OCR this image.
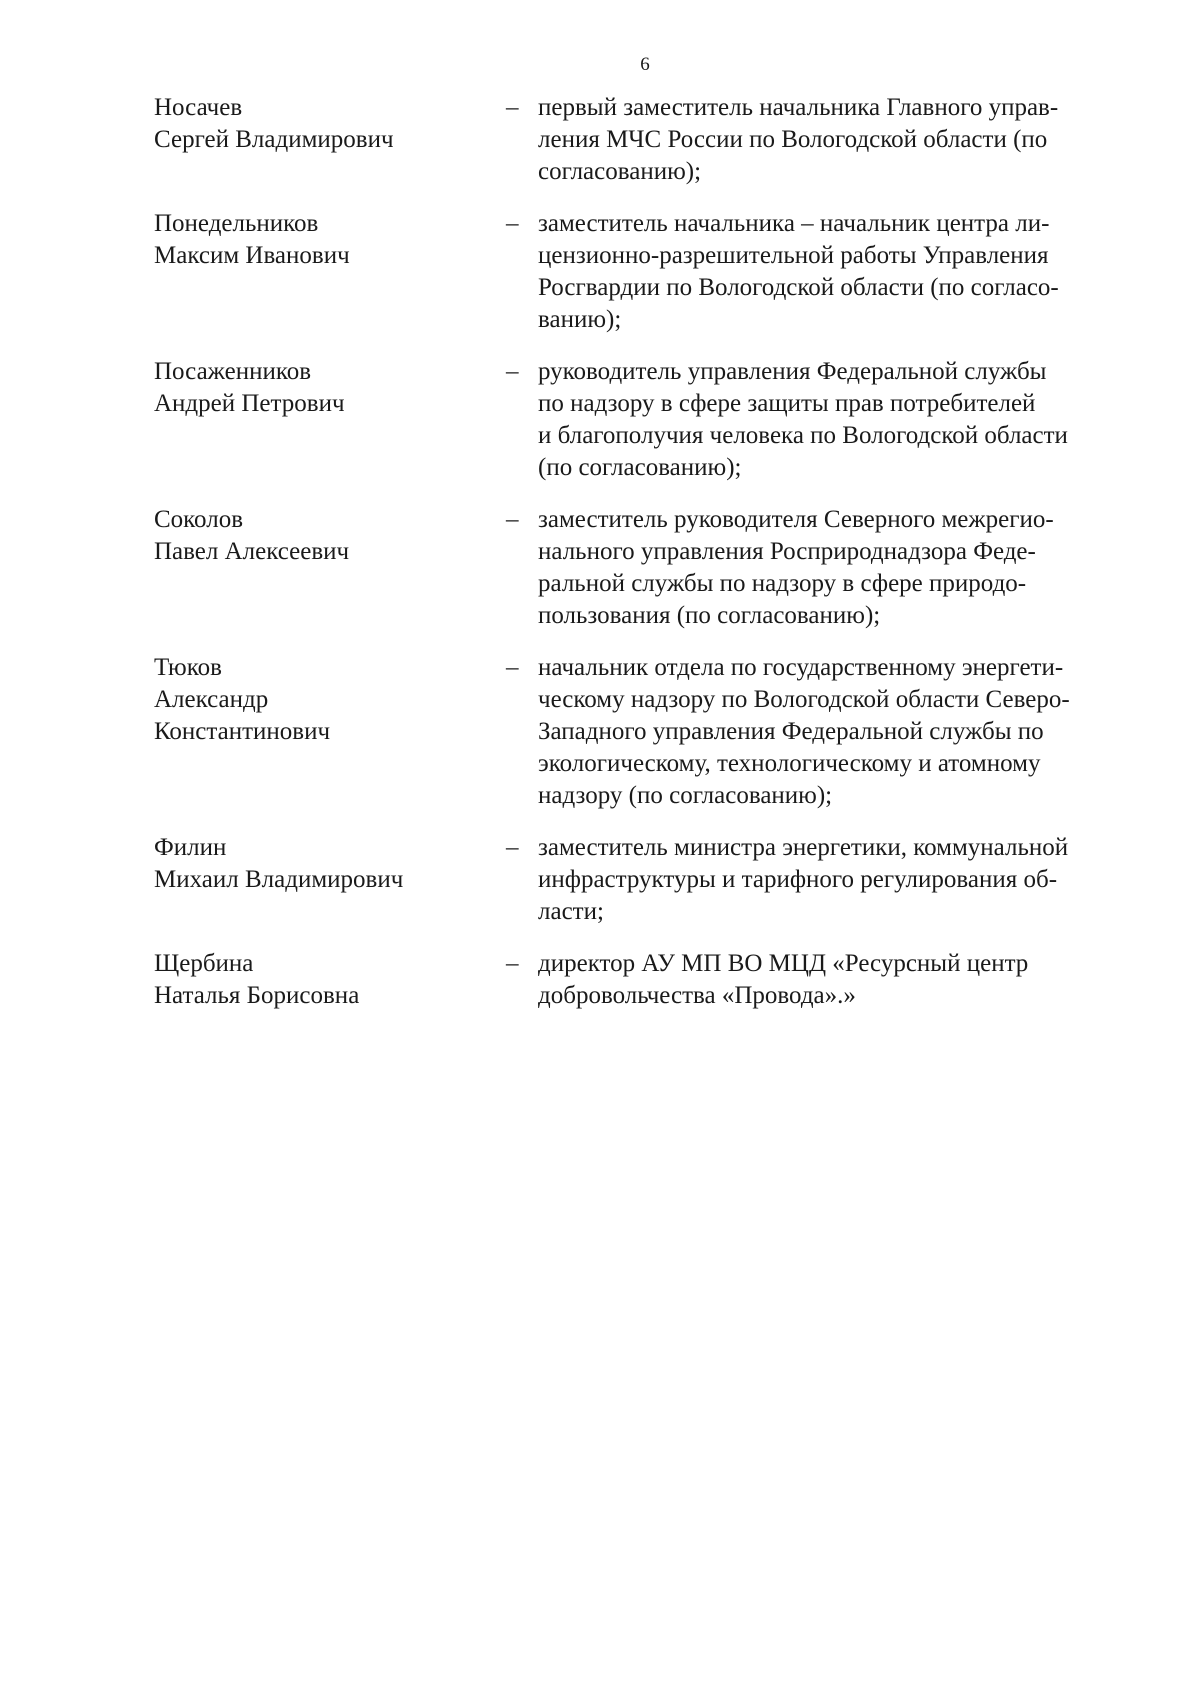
6
Носачев
Сергей Владимирович
– первый заместитель начальника Главного управ-
ления МЧС России по Вологодской области (по
согласованию);
Понедельников
Максим Иванович
– заместитель начальника – начальник центра ли-
цензионно-разрешительной работы Управления
Росгвардии по Вологодской области (по согласо-
ванию);
Посаженников
Андрей Петрович
– руководитель управления Федеральной службы
по надзору в сфере защиты прав потребителей
и благополучия человека по Вологодской области
(по согласованию);
Соколов
Павел Алексеевич
– заместитель руководителя Северного межрегио-
нального управления Росприроднадзора Феде-
ральной службы по надзору в сфере природо-
пользования (по согласованию);
Тюков
Александр
Константинович
– начальник отдела по государственному энергети-
ческому надзору по Вологодской области Северо-
Западного управления Федеральной службы по
экологическому, технологическому и атомному
надзору (по согласованию);
Филин
Михаил Владимирович
– заместитель министра энергетики, коммунальной
инфраструктуры и тарифного регулирования об-
ласти;
Щербина
Наталья Борисовна
– директор АУ МП ВО МЦД «Ресурсный центр
добровольчества «Провода».»
